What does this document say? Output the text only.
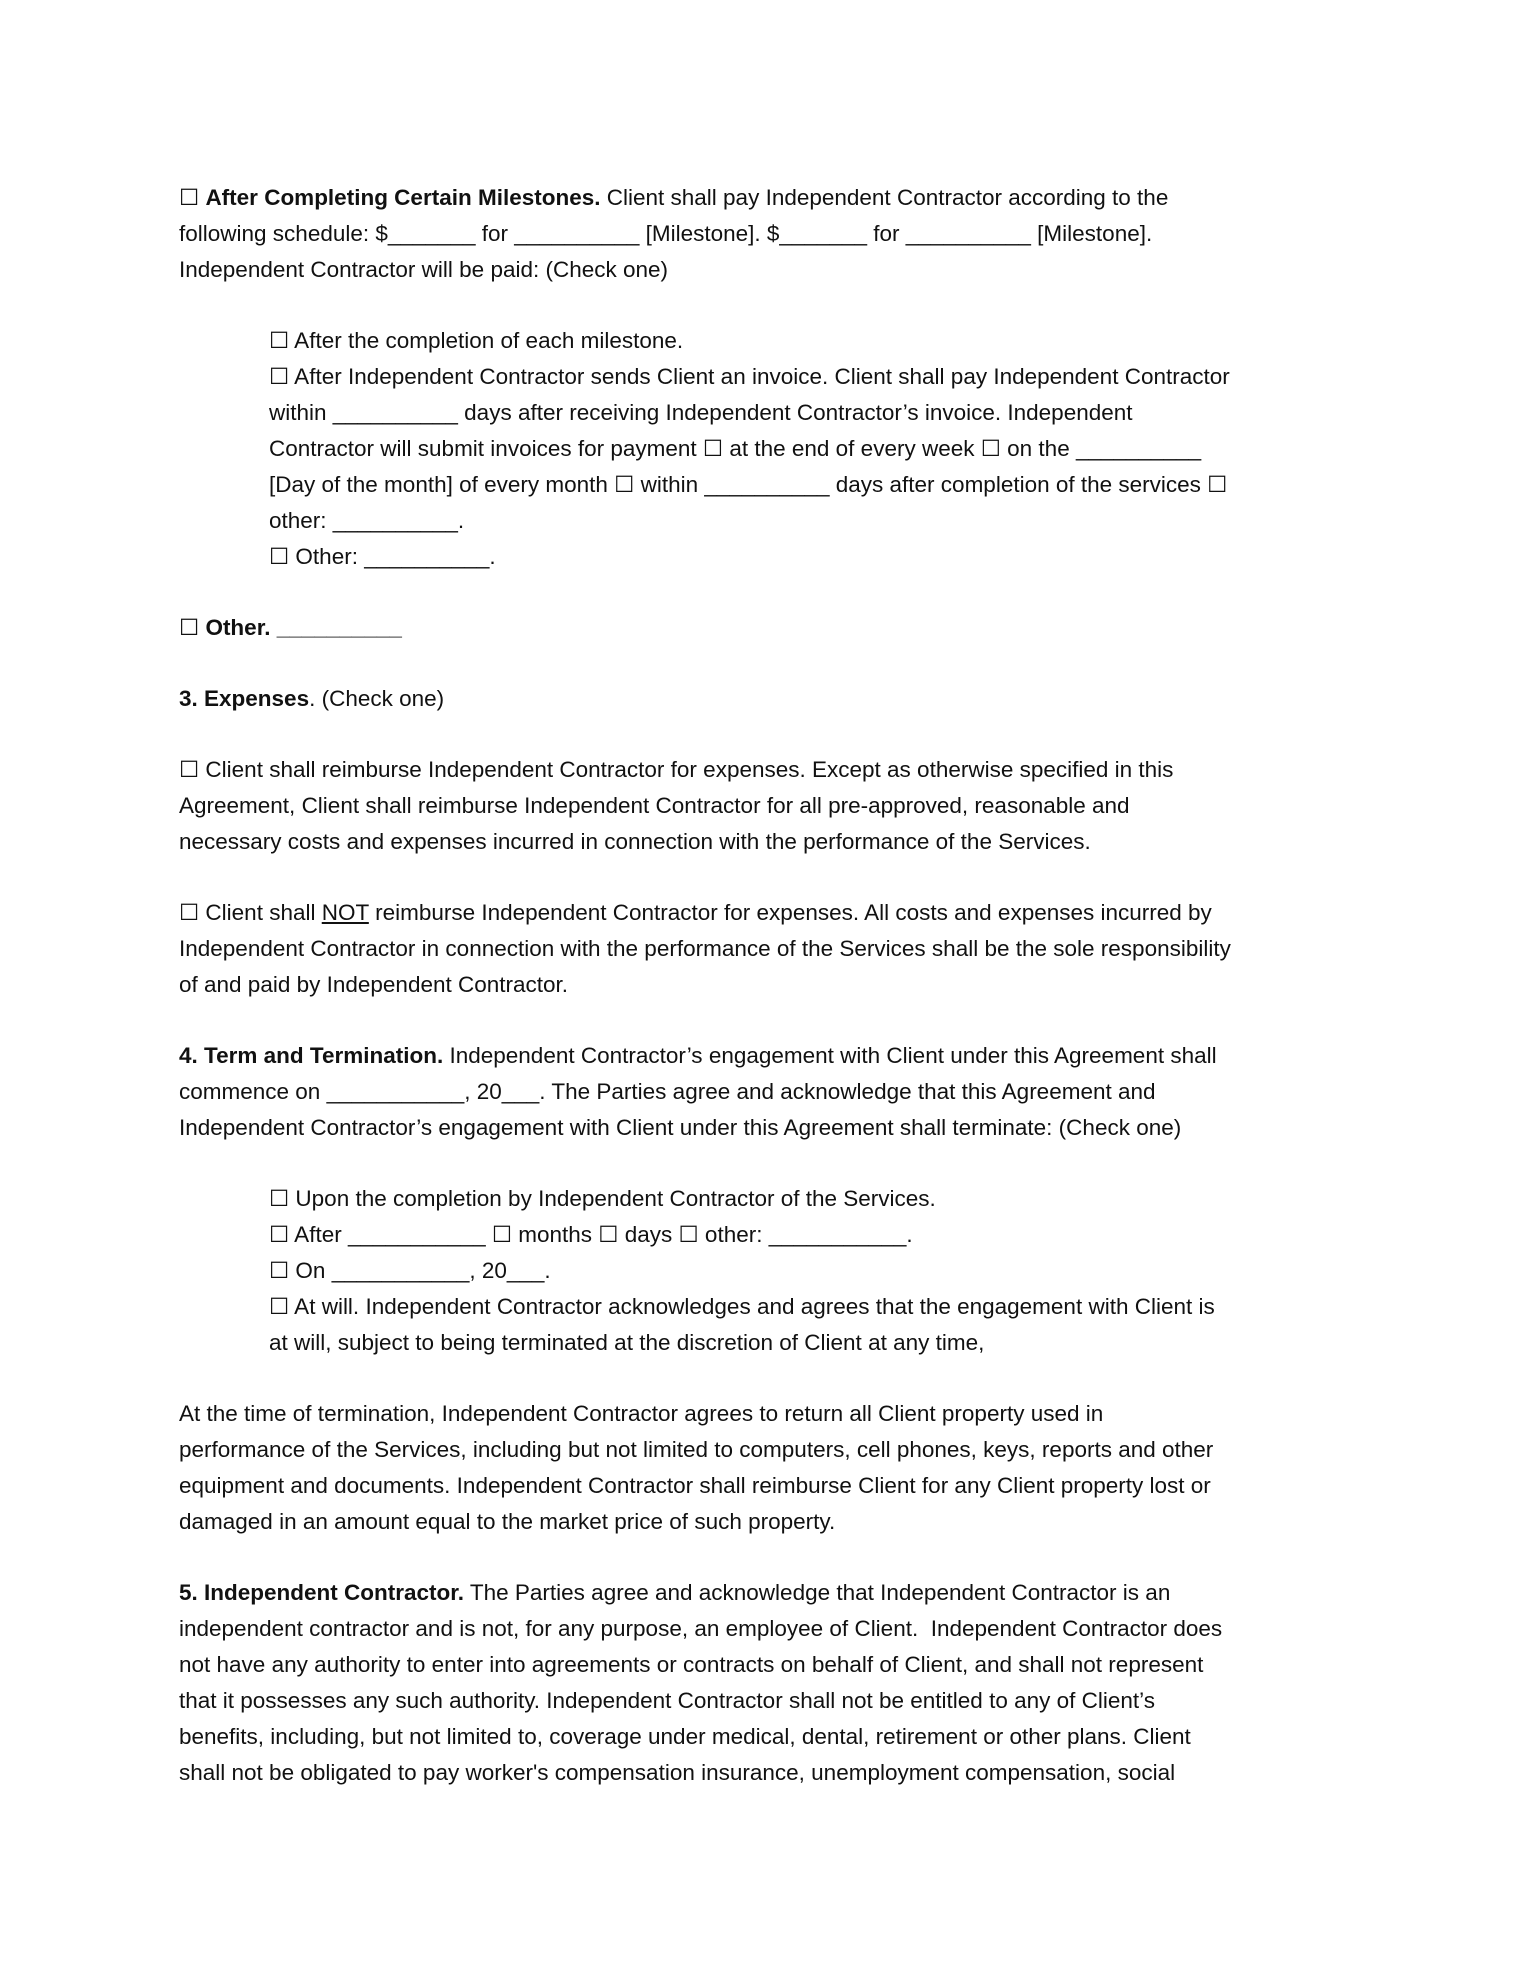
☐ After Completing Certain Milestones. Client shall pay Independent Contractor according to the
following schedule: $_______ for __________ [Milestone]. $_______ for __________ [Milestone].
Independent Contractor will be paid: (Check one)
☐ After the completion of each milestone.
☐ After Independent Contractor sends Client an invoice. Client shall pay Independent Contractor
within __________ days after receiving Independent Contractor’s invoice. Independent
Contractor will submit invoices for payment ☐ at the end of every week ☐ on the __________
[Day of the month] of every month ☐ within __________ days after completion of the services ☐
other: __________.
☐ Other: __________.
☐ Other. __________
3. Expenses. (Check one)
☐ Client shall reimburse Independent Contractor for expenses. Except as otherwise specified in this
Agreement, Client shall reimburse Independent Contractor for all pre-approved, reasonable and
necessary costs and expenses incurred in connection with the performance of the Services.
☐ Client shall NOT reimburse Independent Contractor for expenses. All costs and expenses incurred by
Independent Contractor in connection with the performance of the Services shall be the sole responsibility
of and paid by Independent Contractor.
4. Term and Termination. Independent Contractor’s engagement with Client under this Agreement shall
commence on ___________, 20___. The Parties agree and acknowledge that this Agreement and
Independent Contractor’s engagement with Client under this Agreement shall terminate: (Check one)
☐ Upon the completion by Independent Contractor of the Services.
☐ After ___________ ☐ months ☐ days ☐ other: ___________.
☐ On ___________, 20___.
☐ At will. Independent Contractor acknowledges and agrees that the engagement with Client is
at will, subject to being terminated at the discretion of Client at any time,
At the time of termination, Independent Contractor agrees to return all Client property used in
performance of the Services, including but not limited to computers, cell phones, keys, reports and other
equipment and documents. Independent Contractor shall reimburse Client for any Client property lost or
damaged in an amount equal to the market price of such property.
5. Independent Contractor. The Parties agree and acknowledge that Independent Contractor is an
independent contractor and is not, for any purpose, an employee of Client.  Independent Contractor does
not have any authority to enter into agreements or contracts on behalf of Client, and shall not represent
that it possesses any such authority. Independent Contractor shall not be entitled to any of Client’s
benefits, including, but not limited to, coverage under medical, dental, retirement or other plans. Client
shall not be obligated to pay worker's compensation insurance, unemployment compensation, social
